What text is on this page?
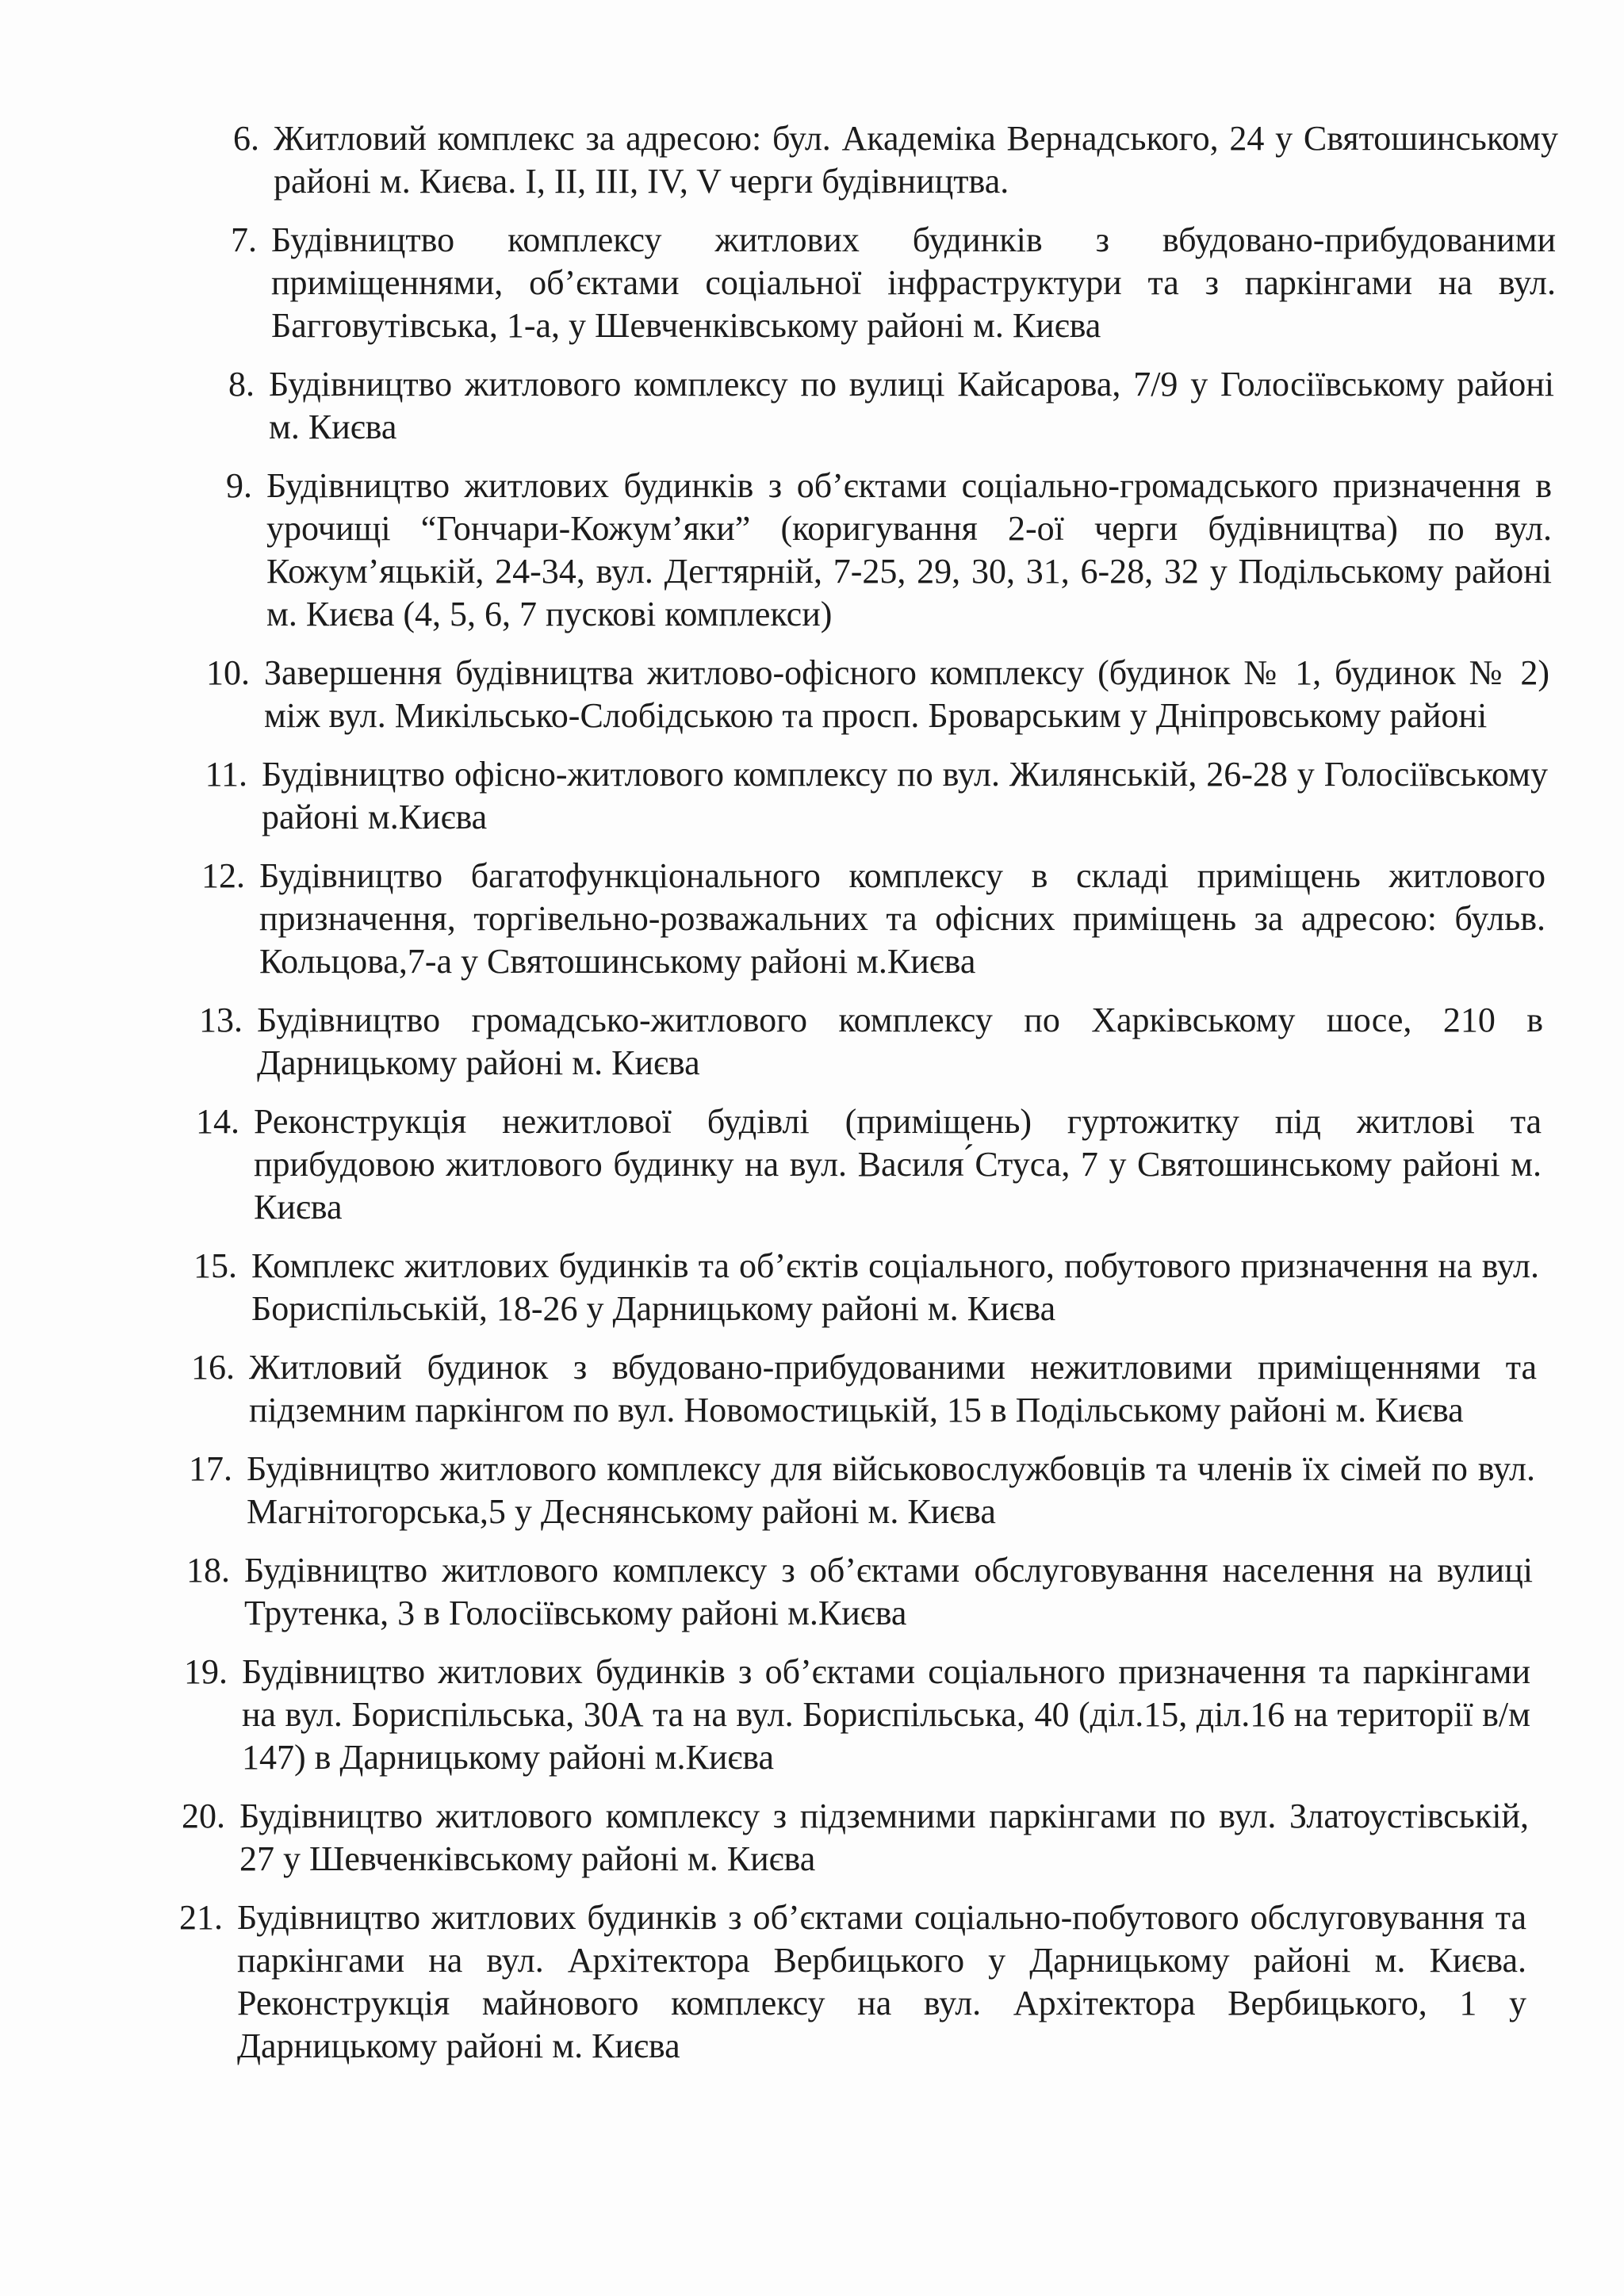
6. Житловий комплекс за адресою: бул. Академіка Вернадського, 24 у Святошинському районі м. Києва. I, II, III, IV, V черги будівництва.
7. Будівництво комплексу житлових будинків з вбудовано-прибудованими приміщеннями, об’єктами соціальної інфраструктури та з паркінгами на вул. Багговутівська, 1-а, у Шевченківському районі м. Києва
8. Будівництво житлового комплексу по вулиці Кайсарова, 7/9 у Голосіївському районі м. Києва
9. Будівництво житлових будинків з об’єктами соціально-громадського призначення в урочищі “Гончари-Кожум’яки” (коригування 2-ої черги будівництва) по вул. Кожум’яцькій, 24-34, вул. Дегтярній, 7-25, 29, 30, 31, 6-28, 32 у Подільському районі м. Києва (4, 5, 6, 7 пускові комплекси)
10. Завершення будівництва житлово-офісного комплексу (будинок № 1, будинок № 2) між вул. Микільсько-Слобідською та просп. Броварським у Дніпровському районі
11. Будівництво офісно-житлового комплексу по вул. Жилянській, 26-28 у Голосіївському районі м.Києва
12. Будівництво багатофункціонального комплексу в складі приміщень житлового призначення, торгівельно-розважальних та офісних приміщень за адресою: бульв. Кольцова,7-а у Святошинському районі м.Києва
13. Будівництво громадсько-житлового комплексу по Харківському шосе, 210 в Дарницькому районі м. Києва
14. Реконструкція нежитлової будівлі (приміщень) гуртожитку під житлові та прибудовою житлового будинку на вул. Василя ́Стуса, 7 у Святошинському районі м. Києва
15. Комплекс житлових будинків та об’єктів соціального, побутового призначення на вул. Бориспільській, 18-26 у Дарницькому районі м. Києва
16. Житловий будинок з вбудовано-прибудованими нежитловими приміщеннями та підземним паркінгом по вул. Новомостицькій, 15 в Подільському районі м. Києва
17. Будівництво житлового комплексу для військовослужбовців та членів їх сімей по вул. Магнітогорська,5 у Деснянському районі м. Києва
18. Будівництво житлового комплексу з об’єктами обслуговування населення на вулиці Трутенка, 3 в Голосіївському районі м.Києва
19. Будівництво житлових будинків з об’єктами соціального призначення та паркінгами на вул. Бориспільська, 30А та на вул. Бориспільська, 40 (діл.15, діл.16 на території в/м 147) в Дарницькому районі м.Києва
20. Будівництво житлового комплексу з підземними паркінгами по вул. Златоустівській, 27 у Шевченківському районі м. Києва
21. Будівництво житлових будинків з об’єктами соціально-побутового обслуговування та паркінгами на вул. Архітектора Вербицького у Дарницькому районі м. Києва. Реконструкція майнового комплексу на вул. Архітектора Вербицького, 1 у Дарницькому районі м. Києва
